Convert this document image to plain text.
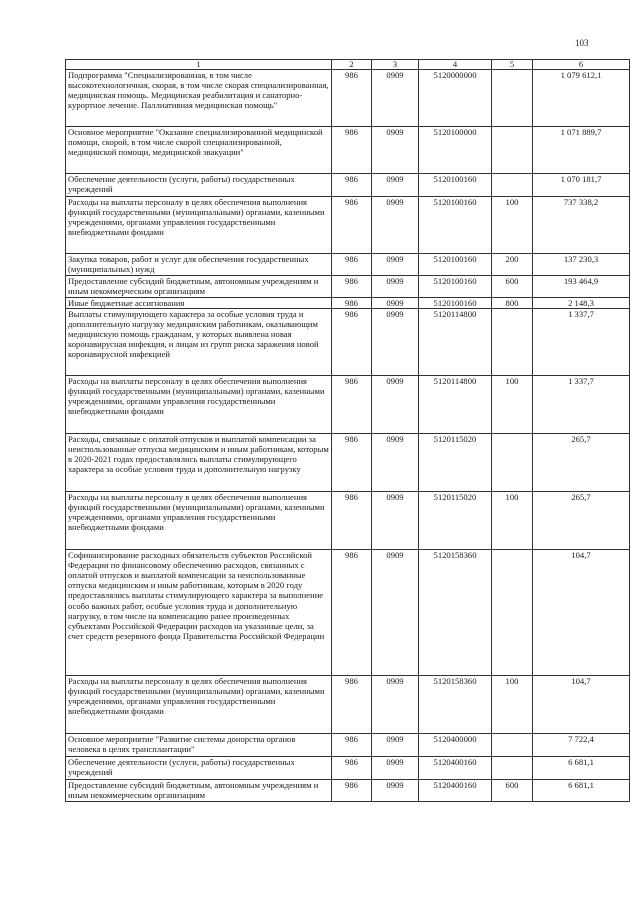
103
1	2	3	4	5	6
Подпрограмма "Специализированная, в том числе высокотехнологичная, скорая, в том числе скорая специализированная, медицинская помощь. Медицинская реабилитация и санаторно-курортное лечение. Паллиативная медицинская помощь"	986	0909	5120000000		1 079 612,1
Основное мероприятие "Оказание специализированной медицинской помощи, скорой, в том числе скорой специализированной, медицинской помощи, медицинской эвакуации"	986	0909	5120100000		1 071 889,7
Обеспечение деятельности (услуги, работы) государственных учреждений	986	0909	5120100160		1 070 181,7
Расходы на выплаты персоналу в целях обеспечения выполнения функций государственными (муниципальными) органами, казенными учреждениями, органами управления государственными внебюджетными фондами	986	0909	5120100160	100	737 338,2
Закупка товаров, работ и услуг для обеспечения государственных (муниципальных) нужд	986	0909	5120100160	200	137 230,3
Предоставление субсидий бюджетным, автономным учреждениям и иным некоммерческим организациям	986	0909	5120100160	600	193 464,9
Иные бюджетные ассигнования	986	0909	5120100160	800	2 148,3
Выплаты стимулирующего характера за особые условия труда и дополнительную нагрузку медицинским работникам, оказывающим медицинскую помощь гражданам, у которых выявлена новая коронавирусная инфекция, и лицам из групп риска заражения новой коронавирусной инфекцией	986	0909	5120114800		1 337,7
Расходы на выплаты персоналу в целях обеспечения выполнения функций государственными (муниципальными) органами, казенными учреждениями, органами управления государственными внебюджетными фондами	986	0909	5120114800	100	1 337,7
Расходы, связанные с оплатой отпусков и выплатой компенсации за неиспользованные отпуска медицинским и иным работникам, которым в 2020-2021 годах предоставлялись выплаты стимулирующего характера за особые условия труда и дополнительную нагрузку	986	0909	5120115020		265,7
Расходы на выплаты персоналу в целях обеспечения выполнения функций государственными (муниципальными) органами, казенными учреждениями, органами управления государственными внебюджетными фондами	986	0909	5120115020	100	265,7
Софинансирование расходных обязательств субъектов Российской Федерации по финансовому обеспечению расходов, связанных с оплатой отпусков и выплатой компенсации за неиспользованные отпуска медицинским и иным работникам, которым в 2020 году предоставлялись выплаты стимулирующего характера за выполнение особо важных работ, особые условия труда и дополнительную нагрузку, в том числе на компенсацию ранее произведенных субъектами Российской Федерации расходов на указанные цели, за счет средств резервного фонда Правительства Российской Федерации	986	0909	5120158360		104,7
Расходы на выплаты персоналу в целях обеспечения выполнения функций государственными (муниципальными) органами, казенными учреждениями, органами управления государственными внебюджетными фондами	986	0909	5120158360	100	104,7
Основное мероприятие "Развитие системы донорства органов человека в целях трансплантации"	986	0909	5120400000		7 722,4
Обеспечение деятельности (услуги, работы) государственных учреждений	986	0909	5120400160		6 681,1
Предоставление субсидий бюджетным, автономным учреждениям и иным некоммерческим организациям	986	0909	5120400160	600	6 681,1
